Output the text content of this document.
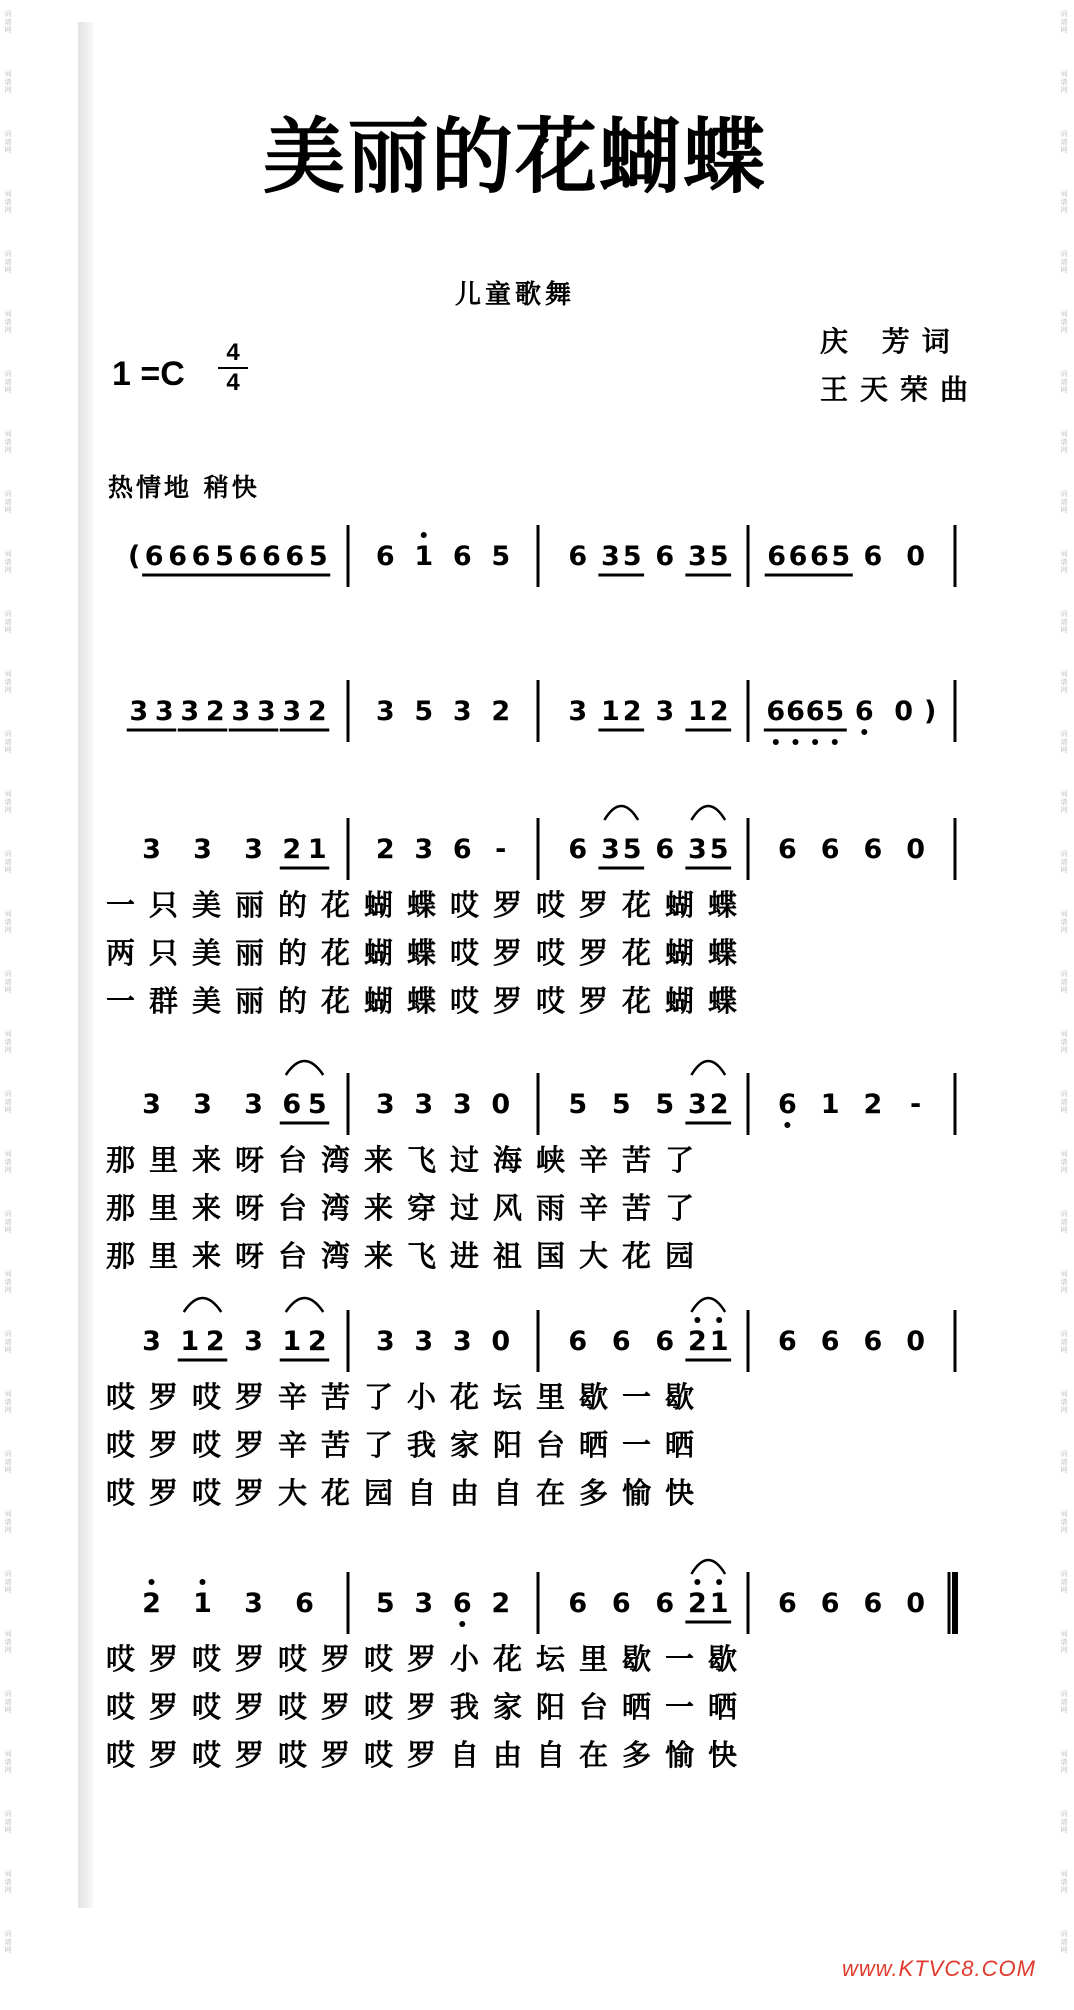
词谱网
词谱网
词谱网
词谱网
词谱网
词谱网
词谱网
词谱网
词谱网
词谱网
词谱网
词谱网
词谱网
词谱网
词谱网
词谱网
词谱网
词谱网
词谱网
词谱网
词谱网
词谱网
词谱网
词谱网
词谱网
词谱网
词谱网
词谱网
词谱网
词谱网
词谱网
词谱网
词谱网
词谱网
词谱网
词谱网
词谱网
词谱网
词谱网
词谱网
词谱网
词谱网
词谱网
词谱网
词谱网
词谱网
词谱网
词谱网
词谱网
词谱网
词谱网
词谱网
词谱网
词谱网
词谱网
词谱网
词谱网
词谱网
词谱网
词谱网
词谱网
词谱网
词谱网
词谱网
词谱网
词谱网
美丽的花蝴蝶
儿童歌舞
庆 芳词
王天荣曲
1 =C
4
4
热情地 稍快
( 6 6 6 5 6 6 6 5 6 1 6 5 6 3 5 6 3 5 6 6 6 5 6 0
3 3 3 2 3 3 3 2 3 5 3 2 3 1 2 3 1 2 6 6 6 5 6 0 )
3 3 3 2 1 2 3 6 - 6 3 5 6 3 5 6 6 6 0
一只美丽的花蝴蝶哎罗哎罗花蝴蝶
两只美丽的花蝴蝶哎罗哎罗花蝴蝶
一群美丽的花蝴蝶哎罗哎罗花蝴蝶
3 3 3 6 5 3 3 3 0 5 5 5 3 2 6 1 2 -
那里来呀台湾来飞过海峡辛苦了
那里来呀台湾来穿过风雨辛苦了
那里来呀台湾来飞进祖国大花园
3 1 2 3 1 2 3 3 3 0 6 6 6 2 1 6 6 6 0
哎罗哎罗辛苦了小花坛里歇一歇
哎罗哎罗辛苦了我家阳台晒一晒
哎罗哎罗大花园自由自在多愉快
2 1 3 6 5 3 6 2 6 6 6 2 1 6 6 6 0
哎罗哎罗哎罗哎罗小花坛里歇一歇
哎罗哎罗哎罗哎罗我家阳台晒一晒
哎罗哎罗哎罗哎罗自由自在多愉快
www.KTVC8.COM
